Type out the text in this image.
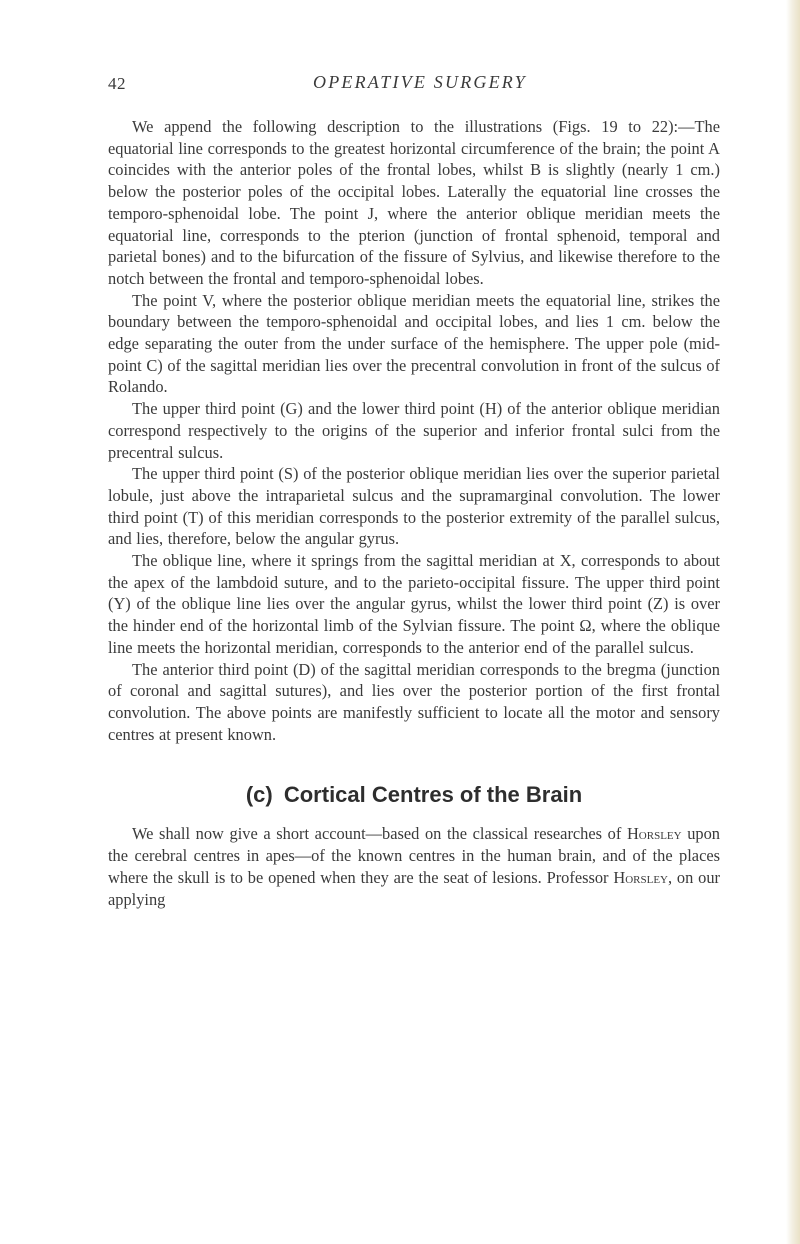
42	OPERATIVE SURGERY

We append the following description to the illustrations (Figs. 19 to 22):—The equatorial line corresponds to the greatest horizontal circumference of the brain; the point A coincides with the anterior poles of the frontal lobes, whilst B is slightly (nearly 1 cm.) below the posterior poles of the occipital lobes. Laterally the equatorial line crosses the temporo-sphenoidal lobe. The point J, where the anterior oblique meridian meets the equatorial line, corresponds to the pterion (junction of frontal sphenoid, temporal and parietal bones) and to the bifurcation of the fissure of Sylvius, and likewise therefore to the notch between the frontal and temporo-sphenoidal lobes.

The point V, where the posterior oblique meridian meets the equatorial line, strikes the boundary between the temporo-sphenoidal and occipital lobes, and lies 1 cm. below the edge separating the outer from the under surface of the hemisphere. The upper pole (mid-point C) of the sagittal meridian lies over the precentral convolution in front of the sulcus of Rolando.

The upper third point (G) and the lower third point (H) of the anterior oblique meridian correspond respectively to the origins of the superior and inferior frontal sulci from the precentral sulcus.

The upper third point (S) of the posterior oblique meridian lies over the superior parietal lobule, just above the intraparietal sulcus and the supramarginal convolution. The lower third point (T) of this meridian corresponds to the posterior extremity of the parallel sulcus, and lies, therefore, below the angular gyrus.

The oblique line, where it springs from the sagittal meridian at X, corresponds to about the apex of the lambdoid suture, and to the parieto-occipital fissure. The upper third point (Y) of the oblique line lies over the angular gyrus, whilst the lower third point (Z) is over the hinder end of the horizontal limb of the Sylvian fissure. The point Ω, where the oblique line meets the horizontal meridian, corresponds to the anterior end of the parallel sulcus.

The anterior third point (D) of the sagittal meridian corresponds to the bregma (junction of coronal and sagittal sutures), and lies over the posterior portion of the first frontal convolution. The above points are manifestly sufficient to locate all the motor and sensory centres at present known.

(c) Cortical Centres of the Brain

We shall now give a short account—based on the classical researches of Horsley upon the cerebral centres in apes—of the known centres in the human brain, and of the places where the skull is to be opened when they are the seat of lesions. Professor Horsley, on our applying
